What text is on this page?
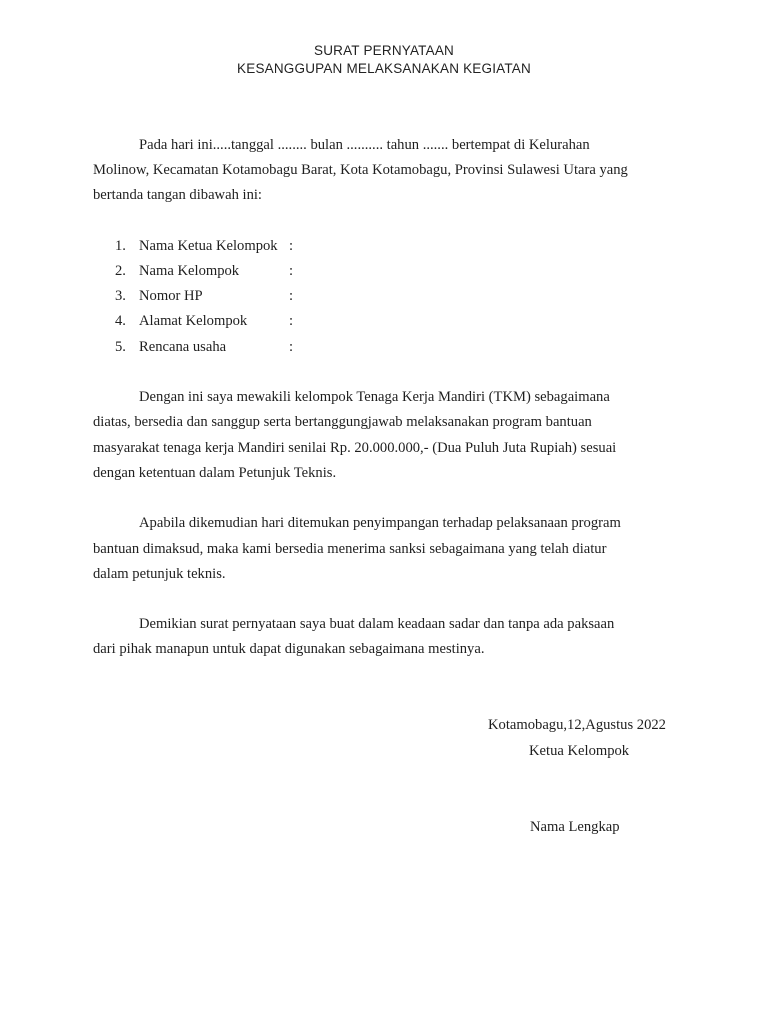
SURAT PERNYATAAN
KESANGGUPAN MELAKSANAKAN KEGIATAN
Pada hari ini.....tanggal ........ bulan .......... tahun ....... bertempat di Kelurahan
Molinow, Kecamatan Kotamobagu Barat, Kota Kotamobagu, Provinsi Sulawesi Utara yang
bertanda tangan dibawah ini:
1. Nama Ketua Kelompok :
2. Nama Kelompok	:
3. Nomor HP	:
4. Alamat Kelompok	:
5. Rencana usaha	:
Dengan ini saya mewakili kelompok Tenaga Kerja Mandiri (TKM) sebagaimana
diatas, bersedia dan sanggup serta bertanggungjawab melaksanakan program bantuan
masyarakat tenaga kerja Mandiri senilai Rp. 20.000.000,- (Dua Puluh Juta Rupiah) sesuai
dengan ketentuan dalam Petunjuk Teknis.
Apabila dikemudian hari ditemukan penyimpangan terhadap pelaksanaan program
bantuan dimaksud, maka kami bersedia menerima sanksi sebagaimana yang telah diatur
dalam petunjuk teknis.
Demikian surat pernyataan saya buat dalam keadaan sadar dan tanpa ada paksaan
dari pihak manapun untuk dapat digunakan sebagaimana mestinya.
Kotamobagu,12,Agustus 2022
Ketua Kelompok
Nama Lengkap
